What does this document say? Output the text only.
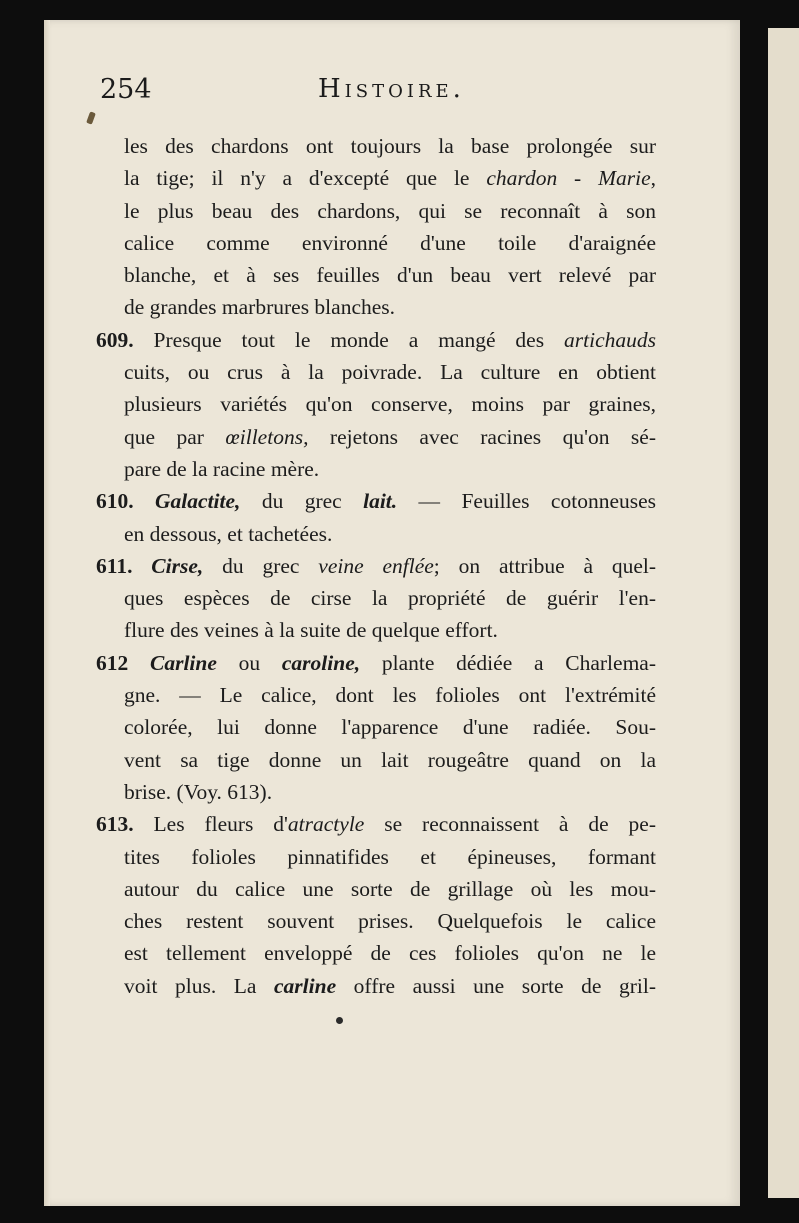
254	Histoire.
les des chardons ont toujours la base prolongée sur
la tige; il n'y a d'excepté que le chardon - Marie,
le plus beau des chardons, qui se reconnaît à son
calice comme environné d'une toile d'araignée
blanche, et à ses feuilles d'un beau vert relevé par
de grandes marbrures blanches.
609. Presque tout le monde a mangé des artichauds
cuits, ou crus à la poivrade. La culture en obtient
plusieurs variétés qu'on conserve, moins par graines,
que par œilletons, rejetons avec racines qu'on sé-
pare de la racine mère.
610. Galactite, du grec lait. — Feuilles cotonneuses
en dessous, et tachetées.
611. Cirse, du grec veine enflée; on attribue à quel-
ques espèces de cirse la propriété de guérir l'en-
flure des veines à la suite de quelque effort.
612 Carline ou caroline, plante dédiée a Charlema-
gne. — Le calice, dont les folioles ont l'extrémité
colorée, lui donne l'apparence d'une radiée. Sou-
vent sa tige donne un lait rougeâtre quand on la
brise. (Voy. 613).
613. Les fleurs d'atractyle se reconnaissent à de pe-
tites folioles pinnatifides et épineuses, formant
autour du calice une sorte de grillage où les mou-
ches restent souvent prises. Quelquefois le calice
est tellement enveloppé de ces folioles qu'on ne le
voit plus. La carline offre aussi une sorte de gril-
